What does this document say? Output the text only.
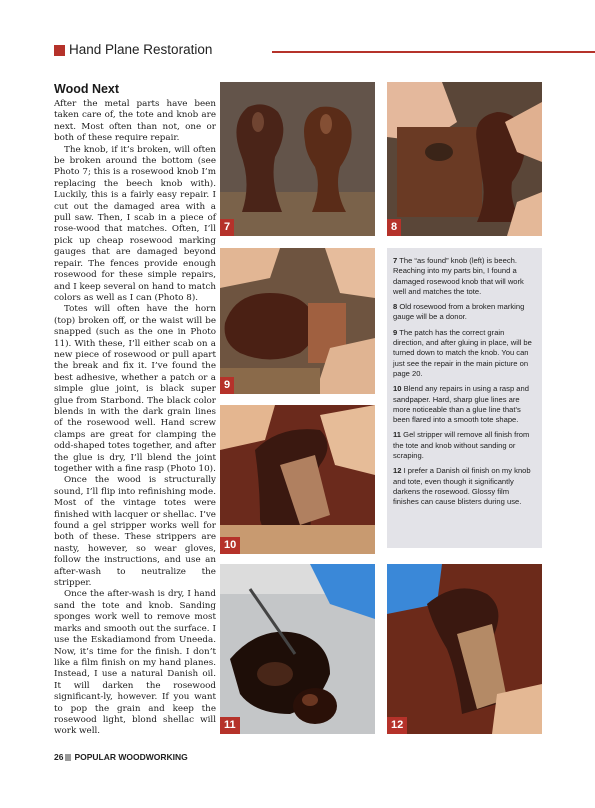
Hand Plane Restoration
Wood Next

After the metal parts have been taken care of, the tote and knob are next. Most often than not, one or both of these require repair.

The knob, if it’s broken, will often be broken around the bottom (see Photo 7; this is a rosewood knob I’m replacing the beech knob with). Luckily, this is a fairly easy repair. I cut out the damaged area with a pull saw. Then, I scab in a piece of rose-wood that matches. Often, I’ll pick up cheap rosewood marking gauges that are damaged beyond repair. The fences provide enough rosewood for these simple repairs, and I keep several on hand to match colors as well as I can (Photo 8).

Totes will often have the horn (top) broken off, or the waist will be snapped (such as the one in Photo 11). With these, I’ll either scab on a new piece of rosewood or pull apart the break and fix it. I’ve found the best adhesive, whether a patch or a simple glue joint, is black super glue from Starbond. The black color blends in with the dark grain lines of the rosewood well. Hand screw clamps are great for clamping the odd-shaped totes together, and after the glue is dry, I’ll blend the joint together with a fine rasp (Photo 10).

Once the wood is structurally sound, I’ll flip into refinishing mode. Most of the vintage totes were finished with lacquer or shellac. I’ve found a gel stripper works well for both of these. These strippers are nasty, however, so wear gloves, follow the instructions, and use an after-wash to neutralize the stripper.

Once the after-wash is dry, I hand sand the tote and knob. Sanding sponges work well to remove most marks and smooth out the surface. I use the Eskadiamond from Uneeda. Now, it’s time for the finish. I don’t like a film finish on my hand planes. Instead, I use a natural Danish oil. It will darken the rosewood significant-ly, however. If you want to pop the grain and keep the rosewood light, blond shellac will work well.

7	8
9
10
11	12

7 The “as found” knob (left) is beech. Reaching into my parts bin, I found a damaged rosewood knob that will work well and matches the tote.

8 Old rosewood from a broken marking gauge will be a donor.

9 The patch has the correct grain direction, and after gluing in place, will be turned down to match the knob. You can just see the repair in the main picture on page 20.

10 Blend any repairs in using a rasp and sandpaper. Hard, sharp glue lines are more noticeable than a glue line that’s been flared into a smooth tote shape.

11 Gel stripper will remove all finish from the tote and knob without sanding or scraping.

12 I prefer a Danish oil finish on my knob and tote, even though it significantly darkens the rosewood. Glossy film finishes can cause blisters during use.

26 POPULAR WOODWORKING
